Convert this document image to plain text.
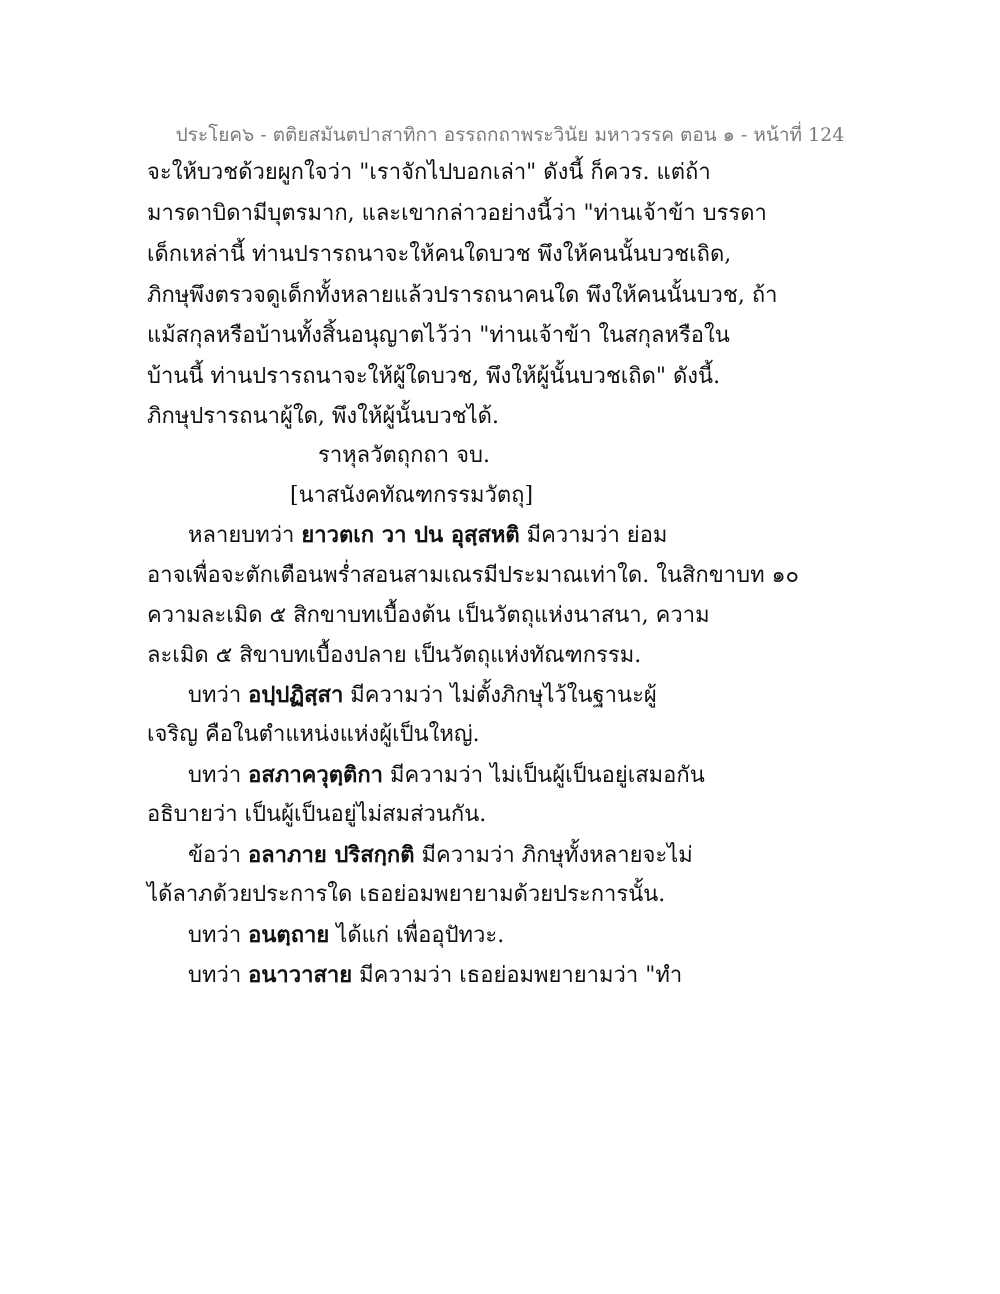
ประโยค๖ - ตติยสมันตปาสาทิกา อรรถกถาพระวินัย มหาวรรค ตอน ๑ - หน้าที่ 124
จะให้บวชด้วยผูกใจว่า "เราจักไปบอกเล่า" ดังนี้ ก็ควร. แต่ถ้า
มารดาบิดามีบุตรมาก, และเขากล่าวอย่างนี้ว่า "ท่านเจ้าข้า บรรดา
เด็กเหล่านี้ ท่านปรารถนาจะให้คนใดบวช พึงให้คนนั้นบวชเถิด,
ภิกษุพึงตรวจดูเด็กทั้งหลายแล้วปรารถนาคนใด พึงให้คนนั้นบวช, ถ้า
แม้สกุลหรือบ้านทั้งสิ้นอนุญาตไว้ว่า "ท่านเจ้าข้า ในสกุลหรือใน
บ้านนี้ ท่านปรารถนาจะให้ผู้ใดบวช, พึงให้ผู้นั้นบวชเถิด" ดังนี้.
ภิกษุปรารถนาผู้ใด, พึงให้ผู้นั้นบวชได้.
ราหุลวัตถุกถา จบ.
[นาสนังคทัณฑกรรมวัตถุ]
หลายบทว่า ยาวตเก วา ปน อุสฺสหติ มีความว่า ย่อม
อาจเพื่อจะตักเตือนพร่ำสอนสามเณรมีประมาณเท่าใด. ในสิกขาบท ๑๐
ความละเมิด ๕ สิกขาบทเบื้องต้น เป็นวัตถุแห่งนาสนา, ความ
ละเมิด ๕ สิขาบทเบื้องปลาย เป็นวัตถุแห่งทัณฑกรรม.
บทว่า อปฺปฏิสฺสา มีความว่า ไม่ตั้งภิกษุไว้ในฐานะผู้
เจริญ คือในตำแหน่งแห่งผู้เป็นใหญ่.
บทว่า อสภาควุตฺติกา มีความว่า ไม่เป็นผู้เป็นอยู่เสมอกัน
อธิบายว่า เป็นผู้เป็นอยู่ไม่สมส่วนกัน.
ข้อว่า อลาภาย ปริสกฺกติ มีความว่า ภิกษุทั้งหลายจะไม่
ได้ลาภด้วยประการใด เธอย่อมพยายามด้วยประการนั้น.
บทว่า อนตฺถาย ได้แก่ เพื่ออุปัทวะ.
บทว่า อนาวาสาย มีความว่า เธอย่อมพยายามว่า "ทำ
